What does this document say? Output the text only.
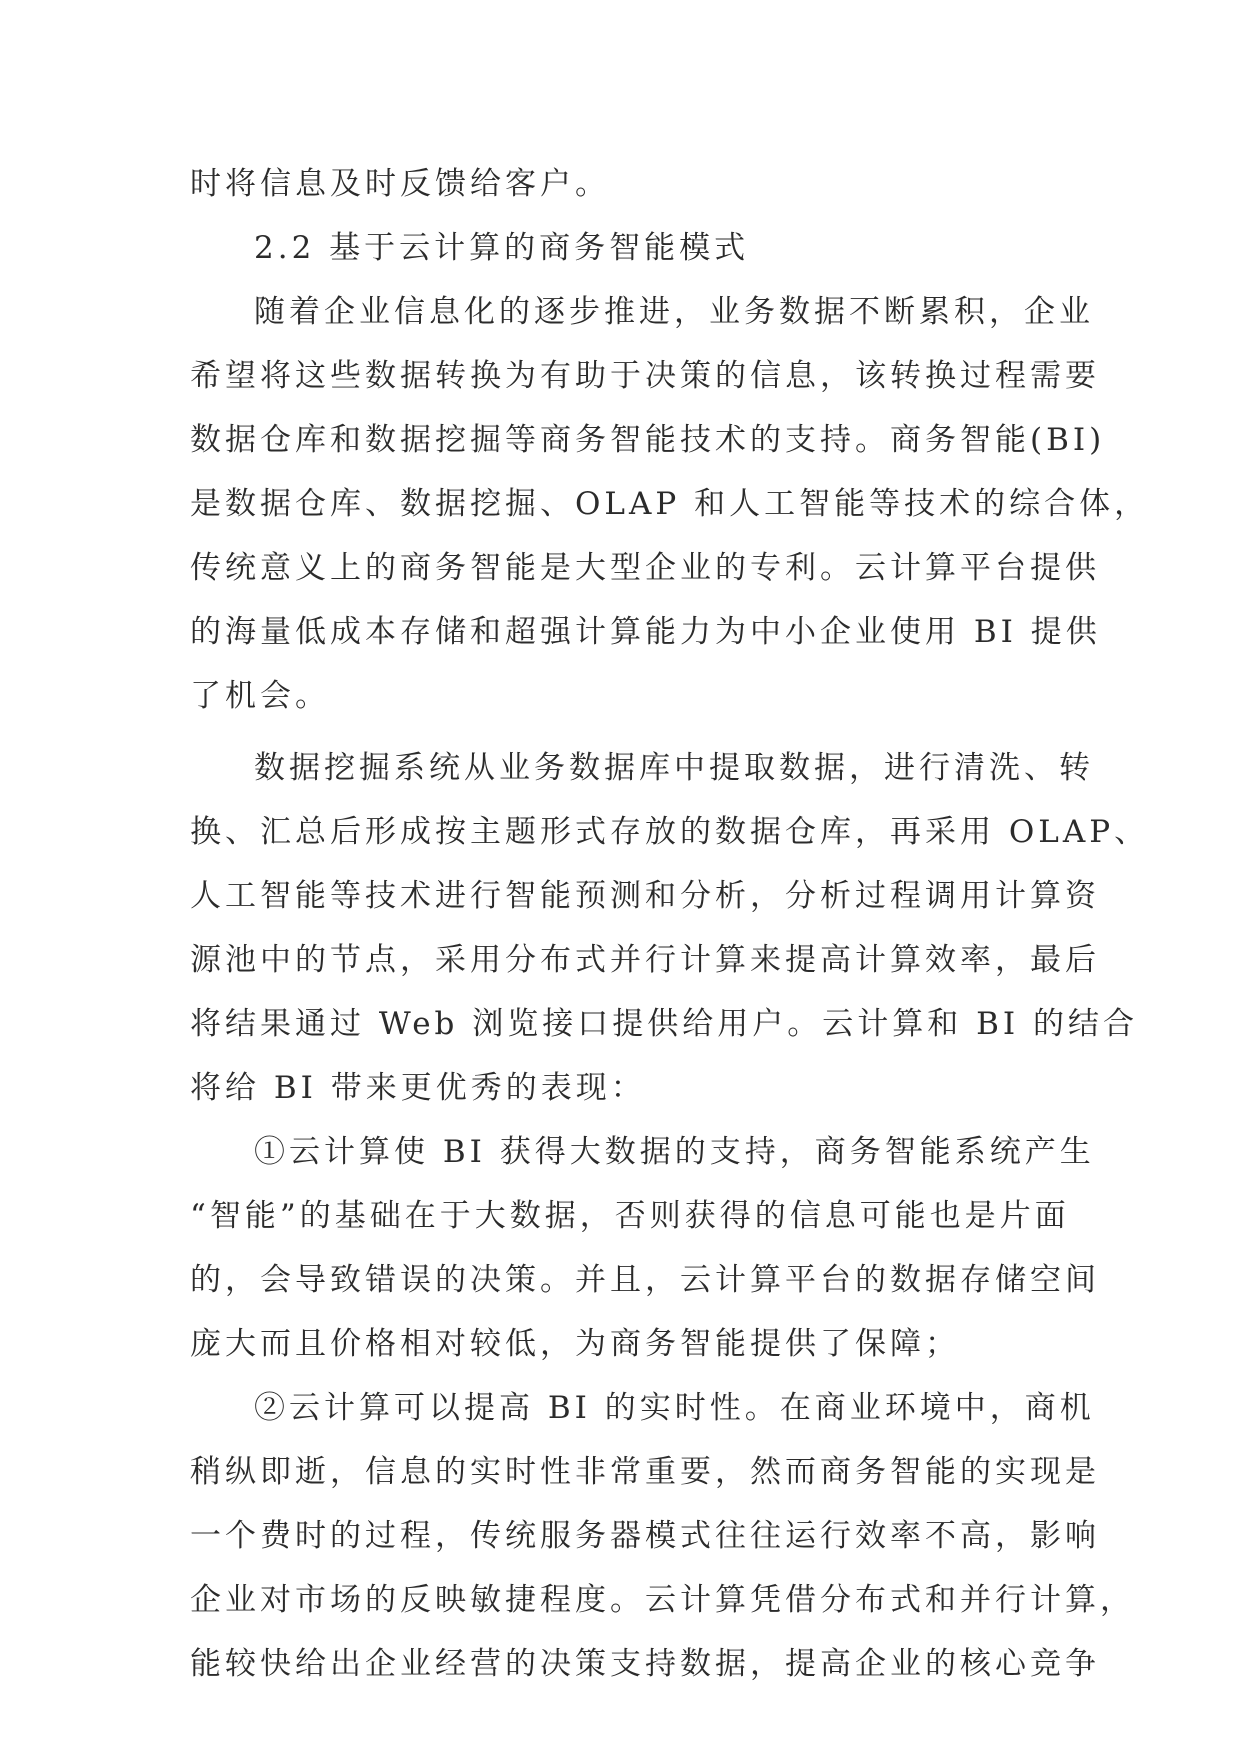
时将信息及时反馈给客户。
2.2 基于云计算的商务智能模式
随着企业信息化的逐步推进，业务数据不断累积，企业
希望将这些数据转换为有助于决策的信息，该转换过程需要
数据仓库和数据挖掘等商务智能技术的支持。商务智能(BI)
是数据仓库、数据挖掘、OLAP 和人工智能等技术的综合体，
传统意义上的商务智能是大型企业的专利。云计算平台提供
的海量低成本存储和超强计算能力为中小企业使用 BI 提供
了机会。
数据挖掘系统从业务数据库中提取数据，进行清洗、转
换、汇总后形成按主题形式存放的数据仓库，再采用 OLAP、
人工智能等技术进行智能预测和分析，分析过程调用计算资
源池中的节点，采用分布式并行计算来提高计算效率，最后
将结果通过 Web 浏览接口提供给用户。云计算和 BI 的结合
将给 BI 带来更优秀的表现：
①云计算使 BI 获得大数据的支持，商务智能系统产生
“智能”的基础在于大数据，否则获得的信息可能也是片面
的，会导致错误的决策。并且，云计算平台的数据存储空间
庞大而且价格相对较低，为商务智能提供了保障；
②云计算可以提高 BI 的实时性。在商业环境中，商机
稍纵即逝，信息的实时性非常重要，然而商务智能的实现是
一个费时的过程，传统服务器模式往往运行效率不高，影响
企业对市场的反映敏捷程度。云计算凭借分布式和并行计算，
能较快给出企业经营的决策支持数据，提高企业的核心竞争
